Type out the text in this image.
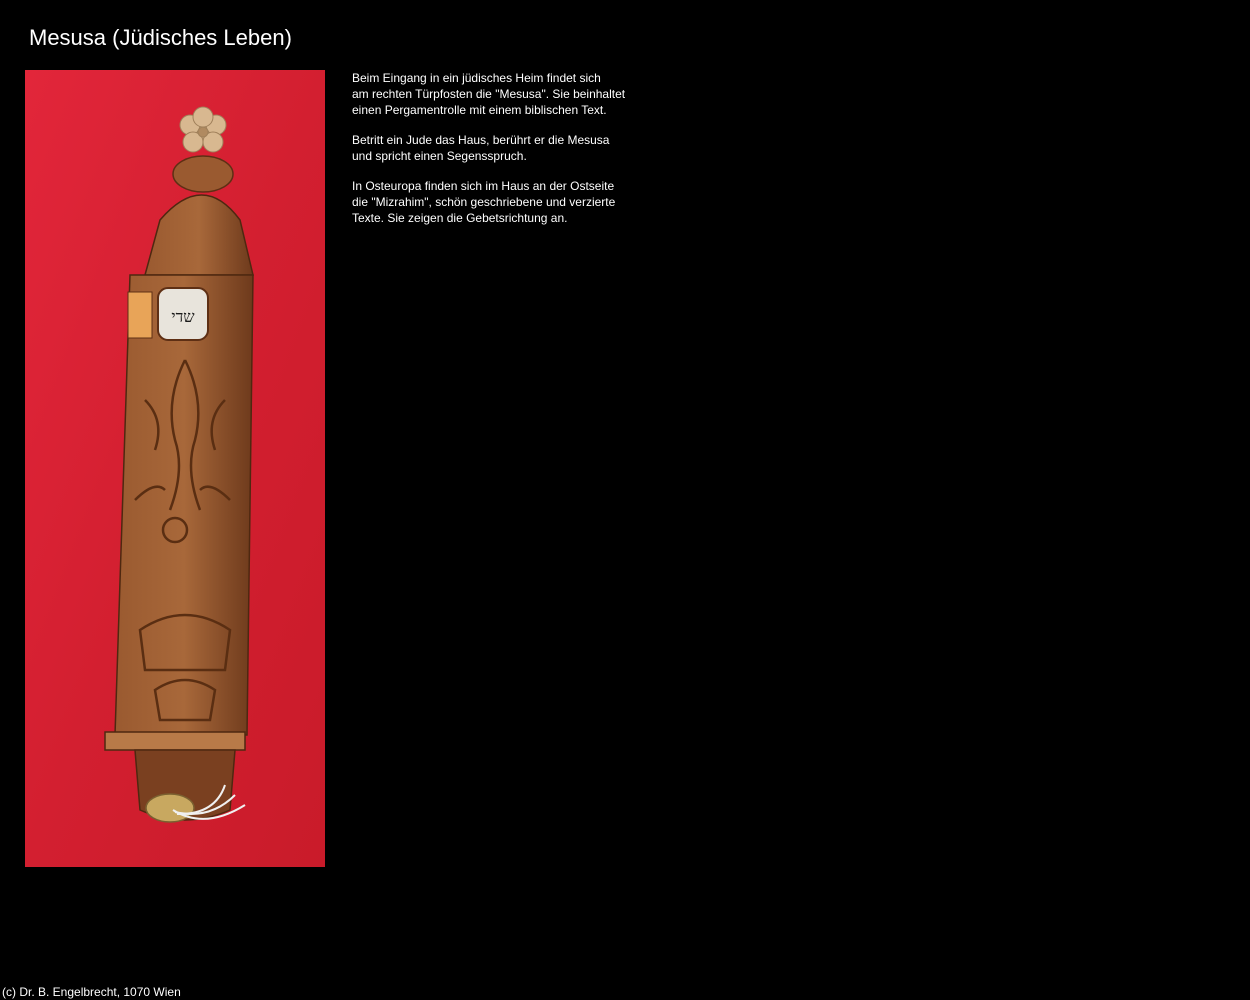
Mesusa (Jüdisches Leben)
שדי

Beim Eingang in ein jüdisches Heim findet sich
am rechten Türpfosten die "Mesusa". Sie beinhaltet
einen Pergamentrolle mit einem biblischen Text.

Betritt ein Jude das Haus, berührt er die Mesusa
und spricht einen Segensspruch.

In Osteuropa finden sich im Haus an der Ostseite
die "Mizrahim", schön geschriebene und verzierte
Texte. Sie zeigen die Gebetsrichtung an.

(c) Dr. B. Engelbrecht, 1070 Wien
